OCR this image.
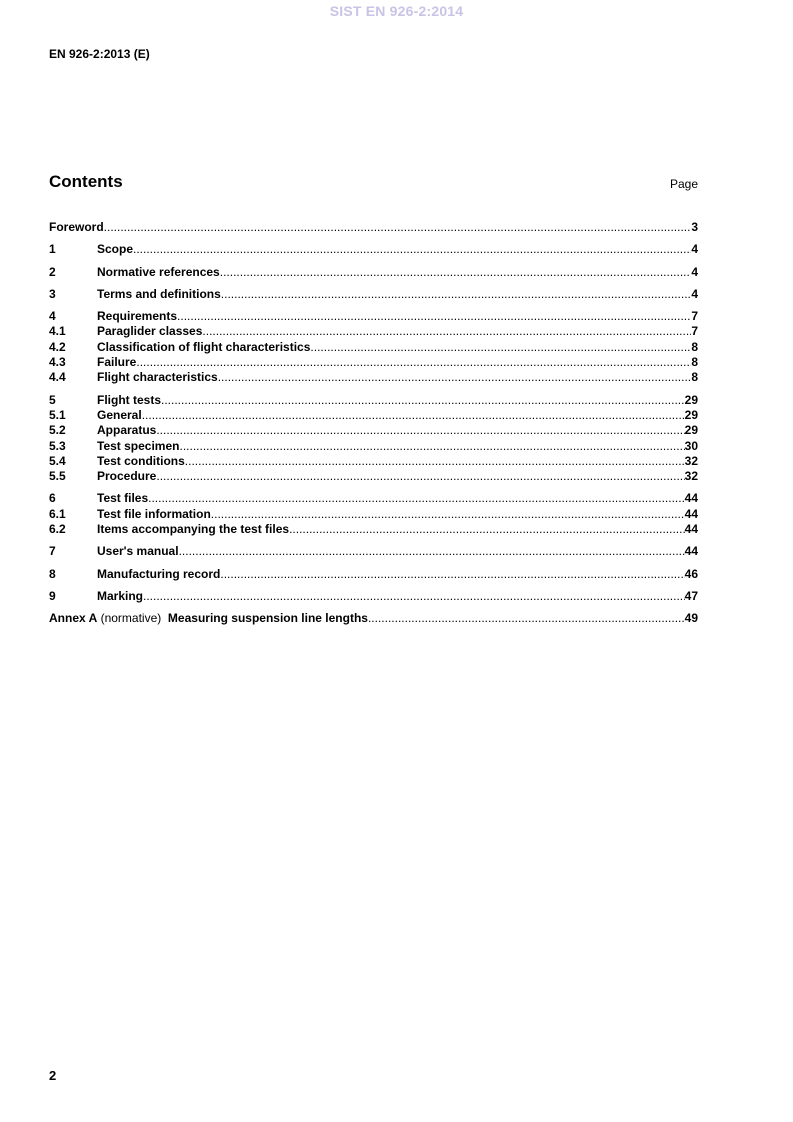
SIST EN 926-2:2014
EN 926-2:2013 (E)
Contents	Page
Foreword .....	3
1	Scope .....	4
2	Normative references .....	4
3	Terms and definitions .....	4
4	Requirements .....	7
4.1	Paraglider classes .....	7
4.2	Classification of flight characteristics .....	8
4.3	Failure .....	8
4.4	Flight characteristics .....	8
5	Flight tests .....	29
5.1	General .....	29
5.2	Apparatus .....	29
5.3	Test specimen .....	30
5.4	Test conditions .....	32
5.5	Procedure .....	32
6	Test files .....	44
6.1	Test file information .....	44
6.2	Items accompanying the test files .....	44
7	User's manual .....	44
8	Manufacturing record .....	46
9	Marking .....	47
Annex A (normative)  Measuring suspension line lengths .....	49
2
